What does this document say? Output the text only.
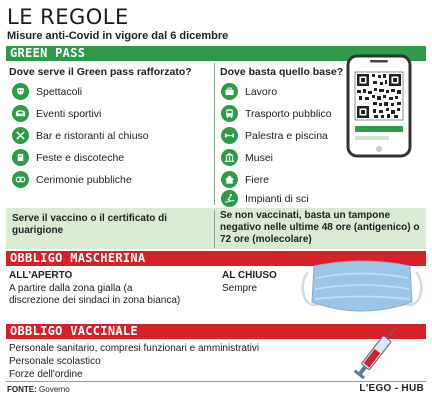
LE REGOLE
Misure anti-Covid in vigore dal 6 dicembre
GREEN PASS
Dove serve il Green pass rafforzato?	Dove basta quello base?
Spettacoli
Eventi sportivi
Bar e ristoranti al chiuso
Feste e discoteche
Cerimonie pubbliche
Lavoro
Trasporto pubblico
Palestra e piscina
Musei
Fiere
Impianti di sci
Serve il vaccino o il certificato di guarigione
Se non vaccinati, basta un tampone negativo nelle ultime 48 ore (antigenico) o 72 ore (molecolare)
OBBLIGO MASCHERINA
ALL'APERTO
A partire dalla zona gialla (a discrezione dei sindaci in zona bianca)
AL CHIUSO
Sempre
OBBLIGO VACCINALE
Personale sanitario, compresi funzionari e amministrativi
Personale scolastico
Forze dell'ordine
FONTE: Governo	L'EGO - HUB
